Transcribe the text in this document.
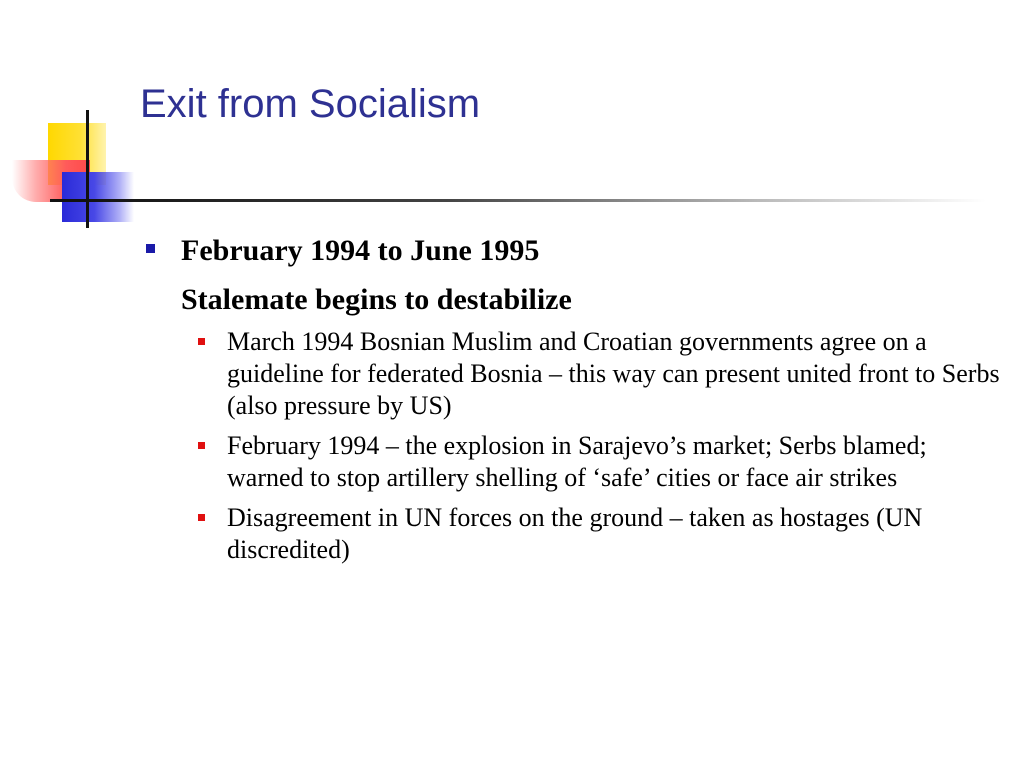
Exit from Socialism
February 1994 to June 1995
Stalemate begins to destabilize
March 1994 Bosnian Muslim and Croatian governments agree on a guideline for federated Bosnia – this way can present united front to Serbs (also pressure by US)
February 1994 – the explosion in Sarajevo’s market; Serbs blamed; warned to stop artillery shelling of ‘safe’ cities or face air strikes
Disagreement in UN forces on the ground – taken as hostages (UN discredited)
